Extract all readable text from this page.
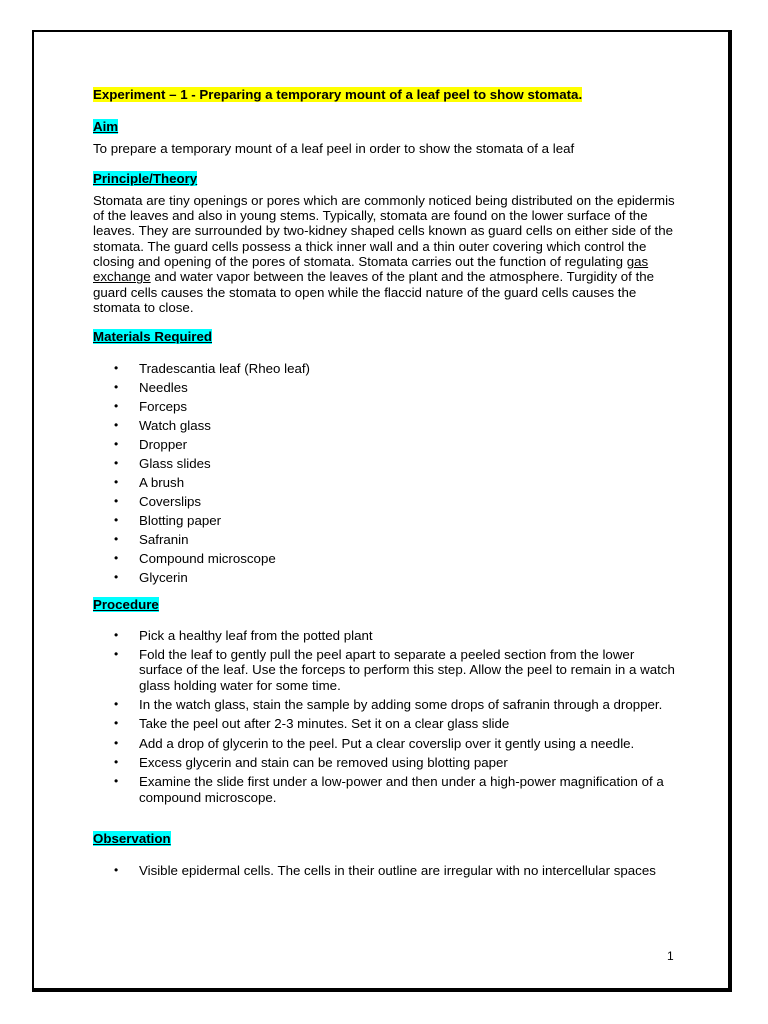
Experiment – 1 - Preparing a temporary mount of a leaf peel to show stomata.
Aim

To prepare a temporary mount of a leaf peel in order to show the stomata of a leaf

Principle/Theory

Stomata are tiny openings or pores which are commonly noticed being distributed on the epidermis of the leaves and also in young stems. Typically, stomata are found on the lower surface of the leaves. They are surrounded by two-kidney shaped cells known as guard cells on either side of the stomata. The guard cells possess a thick inner wall and a thin outer covering which control the closing and opening of the pores of stomata. Stomata carries out the function of regulating gas exchange and water vapor between the leaves of the plant and the atmosphere. Turgidity of the guard cells causes the stomata to open while the flaccid nature of the guard cells causes the stomata to close.

Materials Required
• Tradescantia leaf (Rheo leaf)
• Needles
• Forceps
• Watch glass
• Dropper
• Glass slides
• A brush
• Coverslips
• Blotting paper
• Safranin
• Compound microscope
• Glycerin
Procedure
• Pick a healthy leaf from the potted plant
• Fold the leaf to gently pull the peel apart to separate a peeled section from the lower surface of the leaf. Use the forceps to perform this step. Allow the peel to remain in a watch glass holding water for some time.
• In the watch glass, stain the sample by adding some drops of safranin through a dropper.
• Take the peel out after 2-3 minutes. Set it on a clear glass slide
• Add a drop of glycerin to the peel. Put a clear coverslip over it gently using a needle.
• Excess glycerin and stain can be removed using blotting paper
• Examine the slide first under a low-power and then under a high-power magnification of a compound microscope.
Observation
• Visible epidermal cells. The cells in their outline are irregular with no intercellular spaces
1
